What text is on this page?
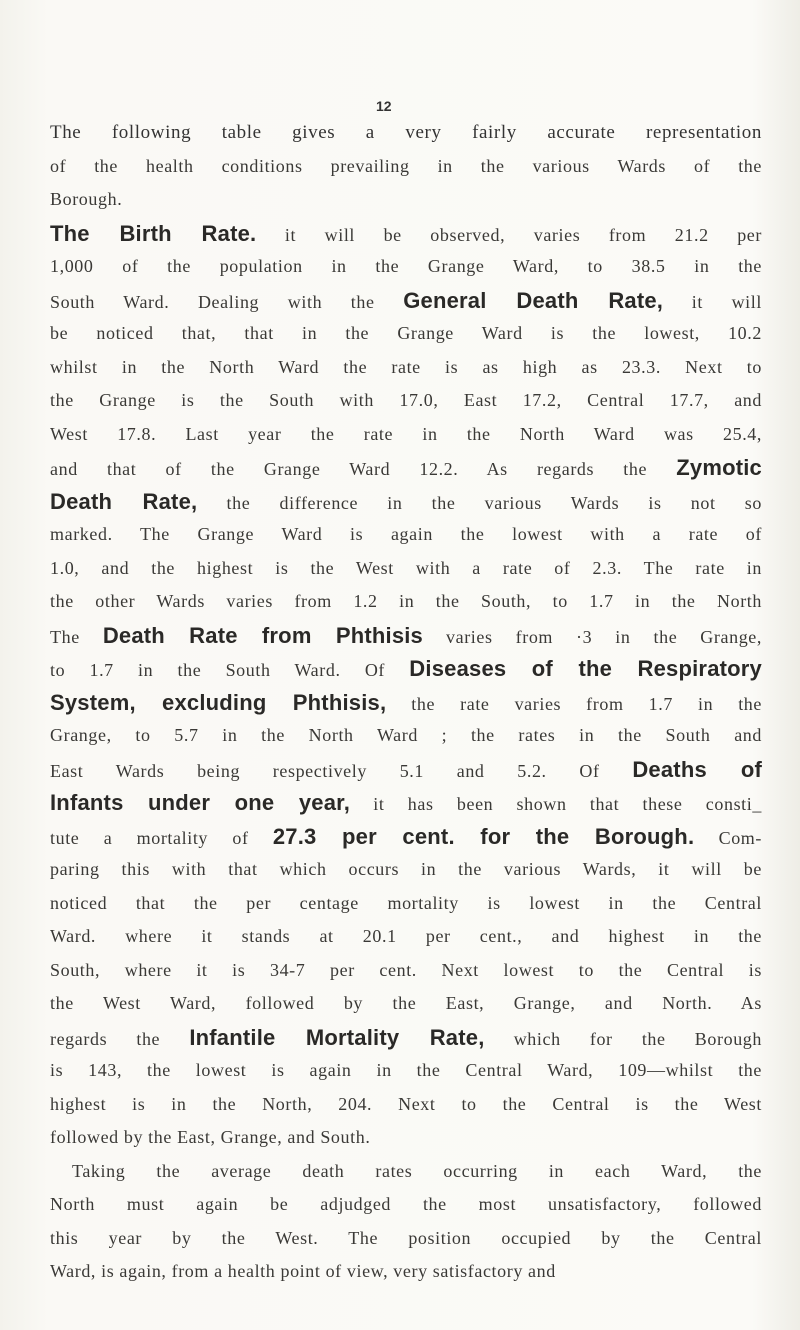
12
The following table gives a very fairly accurate representation
of the health conditions prevailing in the various Wards of the
Borough.
The Birth Rate. it will be observed, varies from 21.2 per
1,000 of the population in the Grange Ward, to 38.5 in the
South Ward. Dealing with the General Death Rate, it will
be noticed that, that in the Grange Ward is the lowest, 10.2
whilst in the North Ward the rate is as high as 23.3. Next to
the Grange is the South with 17.0, East 17.2, Central 17.7, and
West 17.8. Last year the rate in the North Ward was 25.4,
and that of the Grange Ward 12.2. As regards the Zymotic
Death Rate, the difference in the various Wards is not so
marked. The Grange Ward is again the lowest with a rate of
1.0, and the highest is the West with a rate of 2.3. The rate in
the other Wards varies from 1.2 in the South, to 1.7 in the North
The Death Rate from Phthisis varies from ·3 in the Grange,
to 1.7 in the South Ward. Of Diseases of the Respiratory
System, excluding Phthisis, the rate varies from 1.7 in the
Grange, to 5.7 in the North Ward ; the rates in the South and
East Wards being respectively 5.1 and 5.2. Of Deaths of
Infants under one year, it has been shown that these consti_
tute a mortality of 27.3 per cent. for the Borough. Com-
paring this with that which occurs in the various Wards, it will be
noticed that the per centage mortality is lowest in the Central
Ward. where it stands at 20.1 per cent., and highest in the
South, where it is 34-7 per cent. Next lowest to the Central is
the West Ward, followed by the East, Grange, and North. As
regards the Infantile Mortality Rate, which for the Borough
is 143, the lowest is again in the Central Ward, 109—whilst the
highest is in the North, 204. Next to the Central is the West
followed by the East, Grange, and South.
Taking the average death rates occurring in each Ward, the
North must again be adjudged the most unsatisfactory, followed
this year by the West. The position occupied by the Central
Ward, is again, from a health point of view, very satisfactory and
